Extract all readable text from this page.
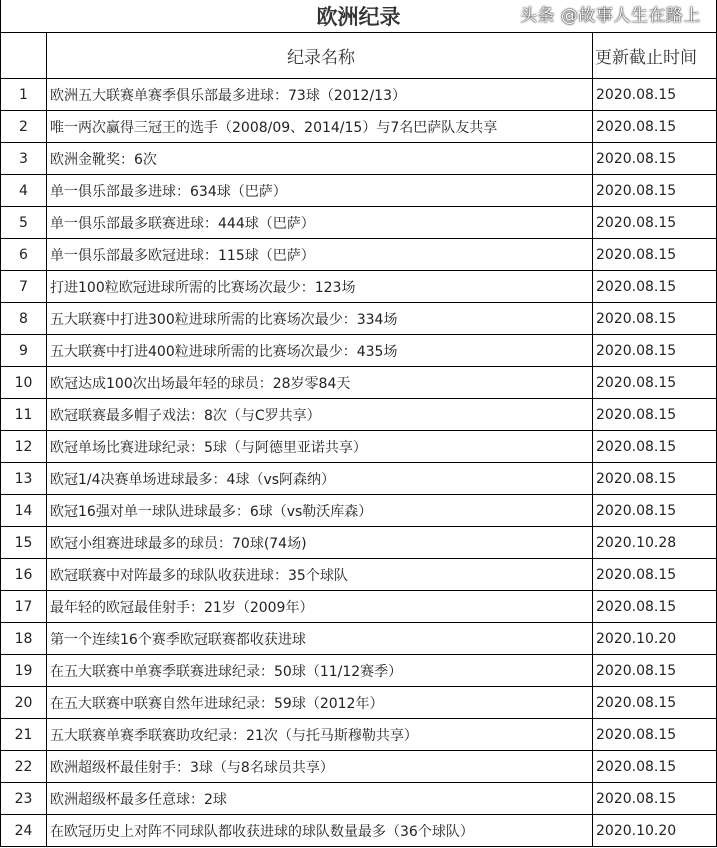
欧洲纪录
	纪录名称	更新截止时间
1	欧洲五大联赛单赛季俱乐部最多进球：73球（2012/13）	2020.08.15
2	唯一两次赢得三冠王的选手（2008/09、2014/15）与7名巴萨队友共享	2020.08.15
3	欧洲金靴奖：6次	2020.08.15
4	单一俱乐部最多进球：634球（巴萨）	2020.08.15
5	单一俱乐部最多联赛进球：444球（巴萨）	2020.08.15
6	单一俱乐部最多欧冠进球：115球（巴萨）	2020.08.15
7	打进100粒欧冠进球所需的比赛场次最少：123场	2020.08.15
8	五大联赛中打进300粒进球所需的比赛场次最少：334场	2020.08.15
9	五大联赛中打进400粒进球所需的比赛场次最少：435场	2020.08.15
10	欧冠达成100次出场最年轻的球员：28岁零84天	2020.08.15
11	欧冠联赛最多帽子戏法：8次（与C罗共享）	2020.08.15
12	欧冠单场比赛进球纪录：5球（与阿德里亚诺共享）	2020.08.15
13	欧冠1/4决赛单场进球最多：4球（vs阿森纳）	2020.08.15
14	欧冠16强对单一球队进球最多：6球（vs勒沃库森）	2020.08.15
15	欧冠小组赛进球最多的球员：70球(74场)	2020.10.28
16	欧冠联赛中对阵最多的球队收获进球：35个球队	2020.08.15
17	最年轻的欧冠最佳射手：21岁（2009年）	2020.08.15
18	第一个连续16个赛季欧冠联赛都收获进球	2020.10.20
19	在五大联赛中单赛季联赛进球纪录：50球（11/12赛季）	2020.08.15
20	在五大联赛中联赛自然年进球纪录：59球（2012年）	2020.08.15
21	五大联赛单赛季联赛助攻纪录：21次（与托马斯穆勒共享）	2020.08.15
22	欧洲超级杯最佳射手：3球（与8名球员共享）	2020.08.15
23	欧洲超级杯最多任意球：2球	2020.08.15
24	在欧冠历史上对阵不同球队都收获进球的球队数量最多（36个球队）	2020.10.20
头条 @故事人生在路上
